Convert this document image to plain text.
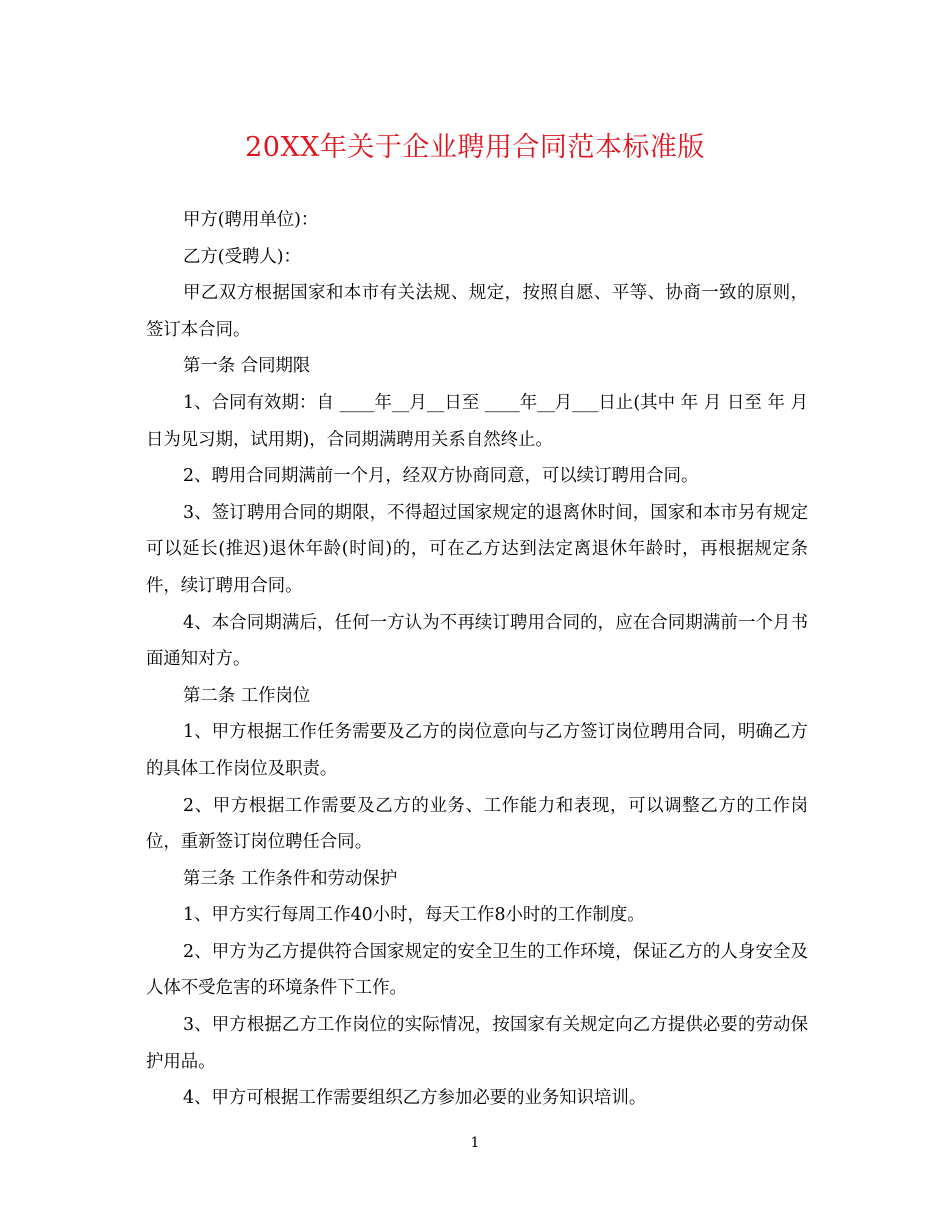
20XX年关于企业聘用合同范本标准版

甲方(聘用单位)：

乙方(受聘人)：

甲乙双方根据国家和本市有关法规、规定，按照自愿、平等、协商一致的原则，签订本合同。

第一条 合同期限

1、合同有效期：自 ____年__月__日至 ____年__月___日止(其中 年 月 日至 年 月 日为见习期，试用期)，合同期满聘用关系自然终止。

2、聘用合同期满前一个月，经双方协商同意，可以续订聘用合同。

3、签订聘用合同的期限，不得超过国家规定的退离休时间，国家和本市另有规定可以延长(推迟)退休年龄(时间)的，可在乙方达到法定离退休年龄时，再根据规定条件，续订聘用合同。

4、本合同期满后，任何一方认为不再续订聘用合同的，应在合同期满前一个月书面通知对方。

第二条 工作岗位

1、甲方根据工作任务需要及乙方的岗位意向与乙方签订岗位聘用合同，明确乙方的具体工作岗位及职责。

2、甲方根据工作需要及乙方的业务、工作能力和表现，可以调整乙方的工作岗位，重新签订岗位聘任合同。

第三条 工作条件和劳动保护

1、甲方实行每周工作40小时，每天工作8小时的工作制度。

2、甲方为乙方提供符合国家规定的安全卫生的工作环境，保证乙方的人身安全及人体不受危害的环境条件下工作。

3、甲方根据乙方工作岗位的实际情况，按国家有关规定向乙方提供必要的劳动保护用品。

4、甲方可根据工作需要组织乙方参加必要的业务知识培训。

1
